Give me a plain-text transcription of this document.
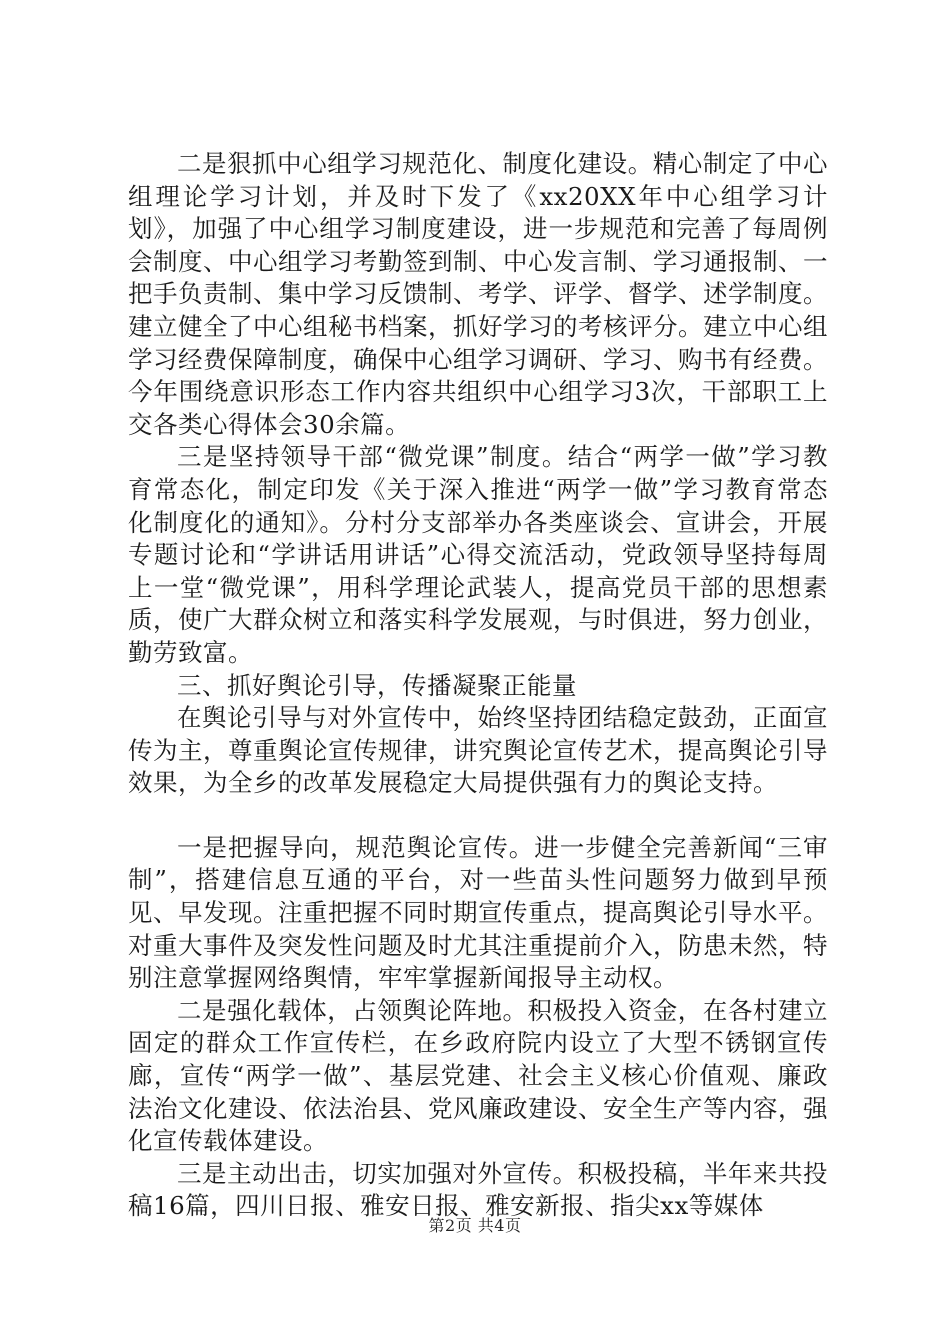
二是狠抓中心组学习规范化、制度化建设。精心制定了中心组理论学习计划，并及时下发了《xx20XX年中心组学习计划》，加强了中心组学习制度建设，进一步规范和完善了每周例会制度、中心组学习考勤签到制、中心发言制、学习通报制、一把手负责制、集中学习反馈制、考学、评学、督学、述学制度。建立健全了中心组秘书档案，抓好学习的考核评分。建立中心组学习经费保障制度，确保中心组学习调研、学习、购书有经费。今年围绕意识形态工作内容共组织中心组学习3次，干部职工上交各类心得体会30余篇。

三是坚持领导干部“微党课”制度。结合“两学一做”学习教育常态化，制定印发《关于深入推进“两学一做”学习教育常态化制度化的通知》。分村分支部举办各类座谈会、宣讲会，开展专题讨论和“学讲话用讲话”心得交流活动，党政领导坚持每周上一堂“微党课”，用科学理论武装人，提高党员干部的思想素质，使广大群众树立和落实科学发展观，与时俱进，努力创业，勤劳致富。

三、抓好舆论引导，传播凝聚正能量

在舆论引导与对外宣传中，始终坚持团结稳定鼓劲，正面宣传为主，尊重舆论宣传规律，讲究舆论宣传艺术，提高舆论引导效果，为全乡的改革发展稳定大局提供强有力的舆论支持。

一是把握导向，规范舆论宣传。进一步健全完善新闻“三审制”，搭建信息互通的平台，对一些苗头性问题努力做到早预见、早发现。注重把握不同时期宣传重点，提高舆论引导水平。对重大事件及突发性问题及时尤其注重提前介入，防患未然，特别注意掌握网络舆情，牢牢掌握新闻报导主动权。

二是强化载体，占领舆论阵地。积极投入资金，在各村建立固定的群众工作宣传栏，在乡政府院内设立了大型不锈钢宣传廊，宣传“两学一做”、基层党建、社会主义核心价值观、廉政法治文化建设、依法治县、党风廉政建设、安全生产等内容，强化宣传载体建设。

三是主动出击，切实加强对外宣传。积极投稿，半年来共投稿16篇，四川日报、雅安日报、雅安新报、指尖xx等媒体

第2页 共4页
